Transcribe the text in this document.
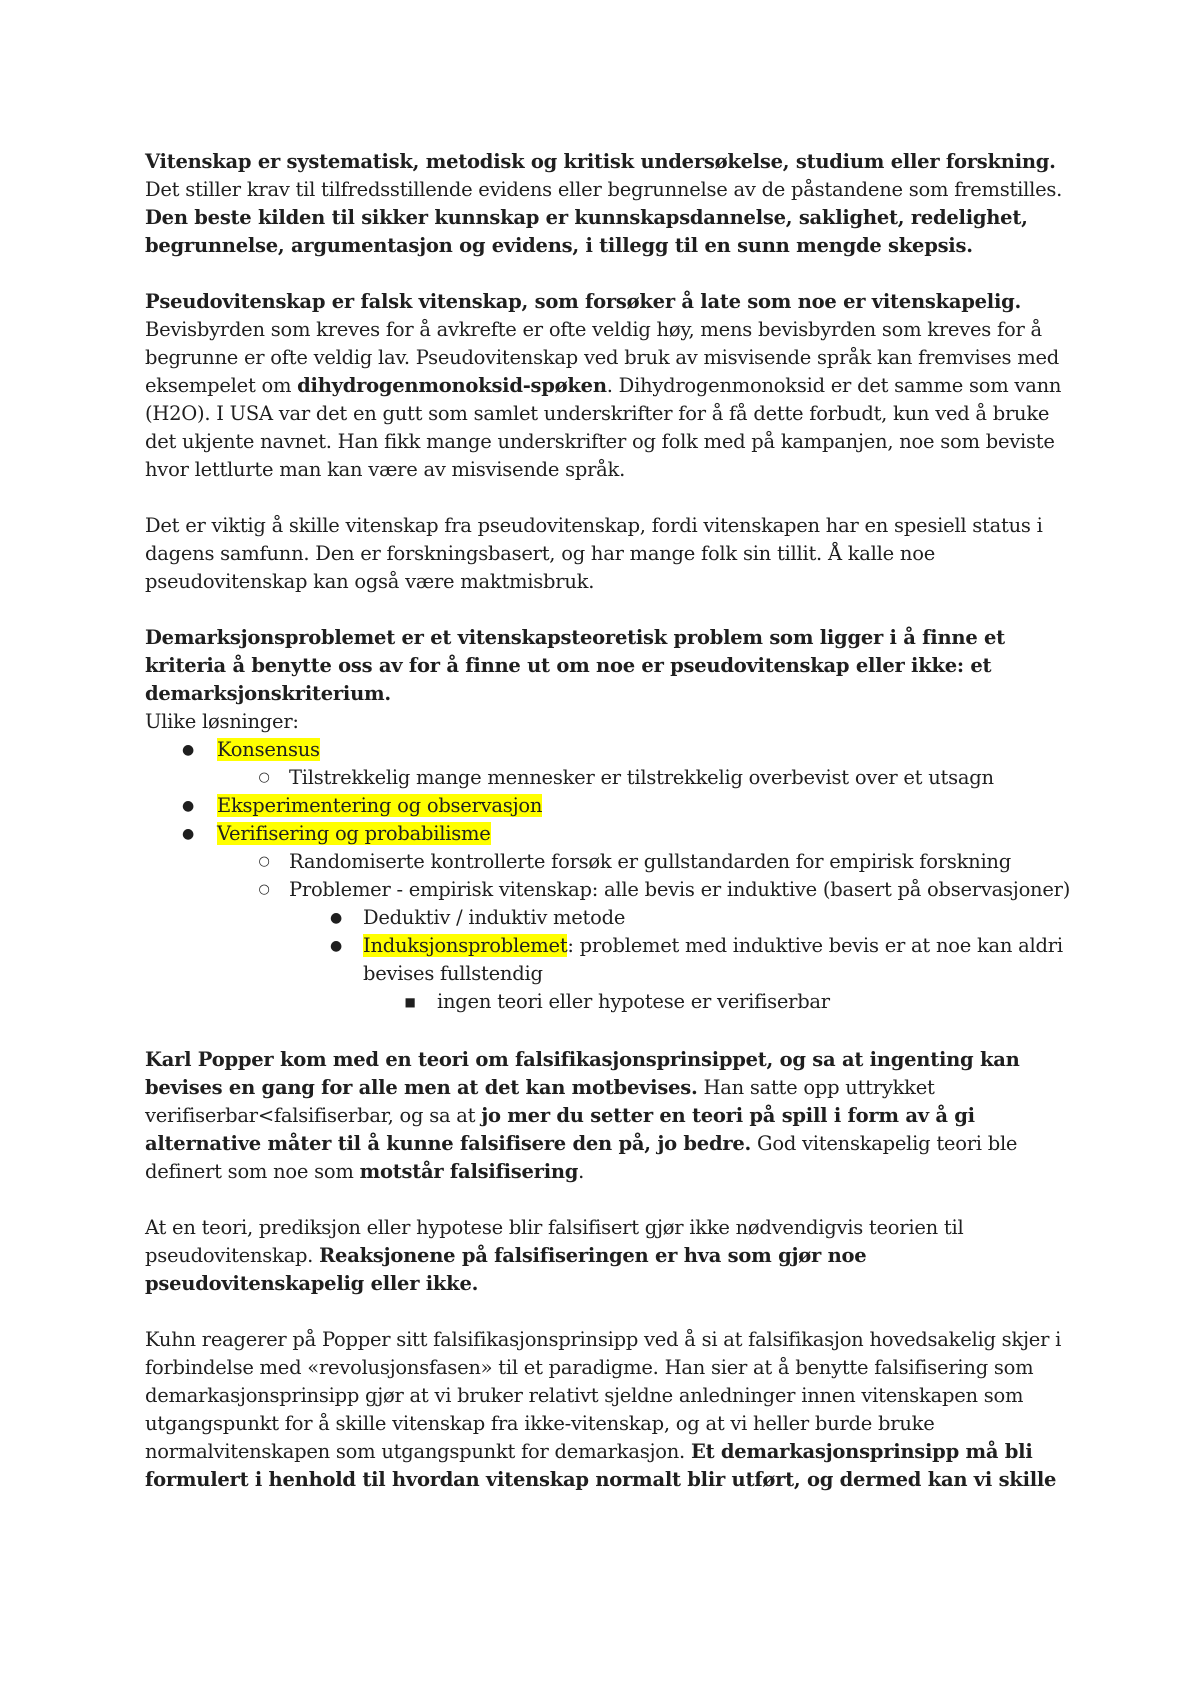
Vitenskap er systematisk, metodisk og kritisk undersøkelse, studium eller forskning. Det stiller krav til tilfredsstillende evidens eller begrunnelse av de påstandene som fremstilles.
Den beste kilden til sikker kunnskap er kunnskapsdannelse, saklighet, redelighet, begrunnelse, argumentasjon og evidens, i tillegg til en sunn mengde skepsis.

Pseudovitenskap er falsk vitenskap, som forsøker å late som noe er vitenskapelig.
Bevisbyrden som kreves for å avkrefte er ofte veldig høy, mens bevisbyrden som kreves for å begrunne er ofte veldig lav. Pseudovitenskap ved bruk av misvisende språk kan fremvises med eksempelet om dihydrogenmonoksid-spøken. Dihydrogenmonoksid er det samme som vann (H2O). I USA var det en gutt som samlet underskrifter for å få dette forbudt, kun ved å bruke det ukjente navnet. Han fikk mange underskrifter og folk med på kampanjen, noe som beviste hvor lettlurte man kan være av misvisende språk.

Det er viktig å skille vitenskap fra pseudovitenskap, fordi vitenskapen har en spesiell status i dagens samfunn. Den er forskningsbasert, og har mange folk sin tillit. Å kalle noe pseudovitenskap kan også være maktmisbruk.

Demarksjonsproblemet er et vitenskapsteoretisk problem som ligger i å finne et kriteria å benytte oss av for å finne ut om noe er pseudovitenskap eller ikke: et demarksjonskriterium.
Ulike løsninger:

● Konsensus
○ Tilstrekkelig mange mennesker er tilstrekkelig overbevist over et utsagn
● Eksperimentering og observasjon
● Verifisering og probabilisme
○ Randomiserte kontrollerte forsøk er gullstandarden for empirisk forskning
○ Problemer - empirisk vitenskap: alle bevis er induktive (basert på observasjoner)
● Deduktiv / induktiv metode
● Induksjonsproblemet: problemet med induktive bevis er at noe kan aldri bevises fullstendig
■ ingen teori eller hypotese er verifiserbar

Karl Popper kom med en teori om falsifikasjonsprinsippet, og sa at ingenting kan bevises en gang for alle men at det kan motbevises. Han satte opp uttrykket verifiserbar<falsifiserbar, og sa at jo mer du setter en teori på spill i form av å gi alternative måter til å kunne falsifisere den på, jo bedre. God vitenskapelig teori ble definert som noe som motstår falsifisering.

At en teori, prediksjon eller hypotese blir falsifisert gjør ikke nødvendigvis teorien til pseudovitenskap. Reaksjonene på falsifiseringen er hva som gjør noe pseudovitenskapelig eller ikke.

Kuhn reagerer på Popper sitt falsifikasjonsprinsipp ved å si at falsifikasjon hovedsakelig skjer i forbindelse med «revolusjonsfasen» til et paradigme. Han sier at å benytte falsifisering som demarkasjonsprinsipp gjør at vi bruker relativt sjeldne anledninger innen vitenskapen som utgangspunkt for å skille vitenskap fra ikke-vitenskap, og at vi heller burde bruke normalvitenskapen som utgangspunkt for demarkasjon. Et demarkasjonsprinsipp må bli formulert i henhold til hvordan vitenskap normalt blir utført, og dermed kan vi skille
